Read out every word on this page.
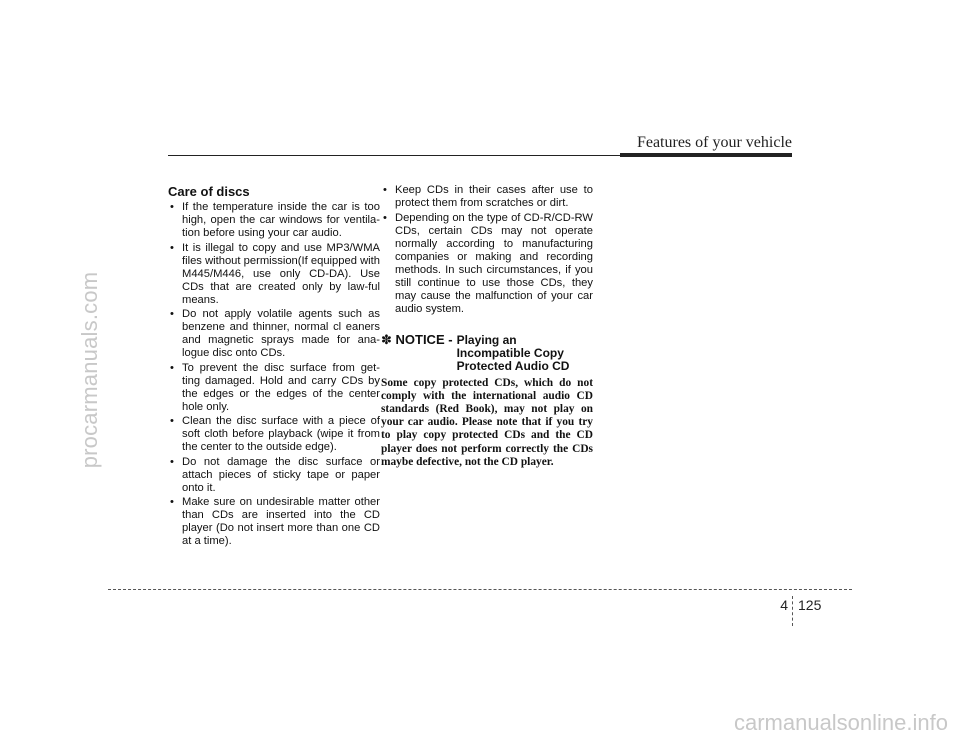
procarmanuals.com
Features of your vehicle
Care of discs
• If the temperature inside the car is too high, open the car windows for ventila-tion before using your car audio.
• It is illegal to copy and use MP3/WMA files without permission(If equipped with M445/M446, use only CD-DA). Use CDs that are created only by law-ful means.
• Do not apply volatile agents such as benzene and thinner, normal cl eaners and magnetic sprays made for ana-logue disc onto CDs.
• To prevent the disc surface from get-ting damaged. Hold and carry CDs by the edges or the edges of the center hole only.
• Clean the disc surface with a piece of soft cloth before playback (wipe it from the center to the outside edge).
• Do not damage the disc surface or attach pieces of sticky tape or paper onto it.
• Make sure on undesirable matter other than CDs are inserted into the CD player (Do not insert more than one CD at a time).
• Keep CDs in their cases after use to protect them from scratches or dirt.
• Depending on the type of CD-R/CD-RW CDs, certain CDs may not operate normally according to manufacturing companies or making and recording methods. In such circumstances, if you still continue to use those CDs, they may cause the malfunction of your car audio system.
✽ NOTICE - Playing an Incompatible Copy Protected Audio CD
Some copy protected CDs, which do not comply with the international audio CD standards (Red Book), may not play on your car audio. Please note that if you try to play copy protected CDs and the CD player does not perform correctly the CDs maybe defective, not the CD player.
4 125
carmanualsonline.info
